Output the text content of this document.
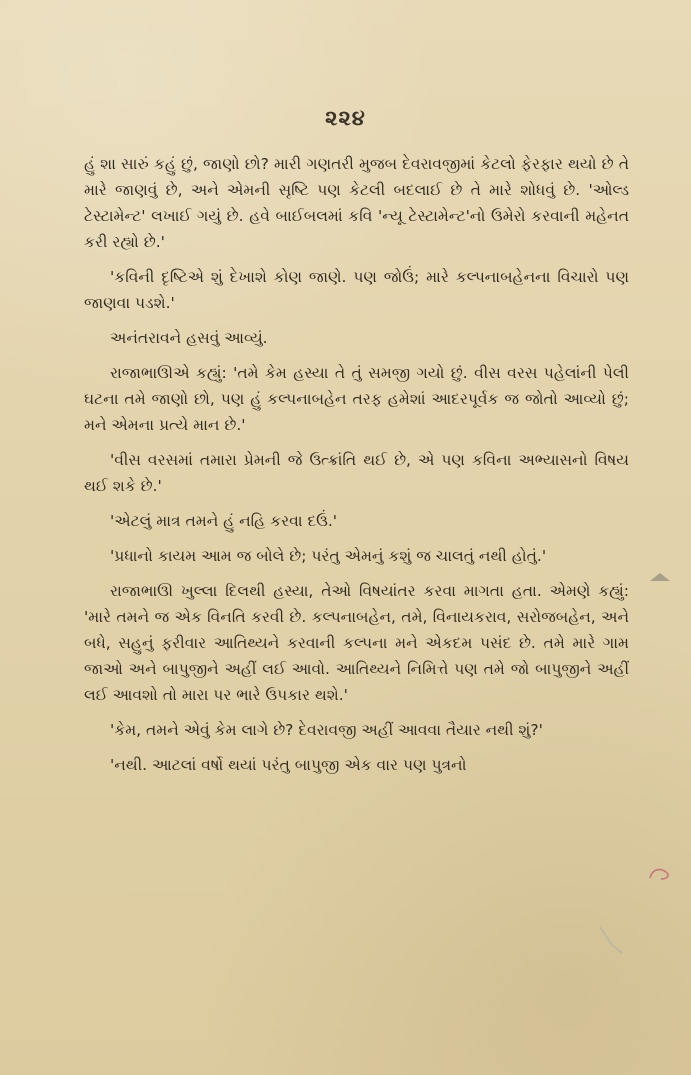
૨૨૪

હું શા સારું કહું છું, જાણો છો? મારી ગણતરી મુજબ દેવરાવજીમાં કેટલો ફેરફાર થયો છે તે મારે જાણવું છે, અને એમની સૃષ્ટિ પણ કેટલી બદલાઈ છે તે મારે શોધવું છે. 'ઓલ્ડ ટેસ્ટામેન્ટ' લખાઈ ગયું છે. હવે બાઈબલમાં કવિ 'ન્યૂ ટેસ્ટામેન્ટ'નો ઉમેરો કરવાની મહેનત કરી રહ્યો છે.'

'કવિની દૃષ્ટિએ શું દેખાશે કોણ જાણે. પણ જોઉં; મારે કલ્પનાબહેનના વિચારો પણ જાણવા પડશે.'

અનંતરાવને હસવું આવ્યું.

રાજાભાઊએ કહ્યું: 'તમે કેમ હસ્યા તે તું સમજી ગયો છું. વીસ વરસ પહેલાંની પેલી ઘટના તમે જાણો છો, પણ હું કલ્પનાબહેન તરફ હમેશાં આદરપૂર્વક જ જોતો આવ્યો છું; મને એમના પ્રત્યે માન છે.'

'વીસ વરસમાં તમારા પ્રેમની જે ઉત્ક્રાંતિ થઈ છે, એ પણ કવિના અભ્યાસનો વિષય થઈ શકે છે.'

'એટલું માત્ર તમને હું નહિ કરવા દઉં.'

'પ્રધાનો કાયમ આમ જ બોલે છે; પરંતુ એમનું કશું જ ચાલતું નથી હોતું.'

રાજાભાઊ ખુલ્લા દિલથી હસ્યા, તેઓ વિષયાંતર કરવા માગતા હતા. એમણે કહ્યું: 'મારે તમને જ એક વિનતિ કરવી છે. કલ્પનાબહેન, તમે, વિનાયકરાવ, સરોજબહેન, અને બધે, સહુનું ફરીવાર આતિથ્યને કરવાની કલ્પના મને એકદમ પસંદ છે. તમે મારે ગામ જાઓ અને બાપુજીને અહીં લઈ આવો. આતિથ્યને નિમિત્તે પણ તમે જો બાપુજીને અહીં લઈ આવશો તો મારા પર ભારે ઉપકાર થશે.'

'કેમ, તમને એવું કેમ લાગે છે? દેવરાવજી અહીં આવવા તૈયાર નથી શું?'

'નથી. આટલાં વર્ષો થયાં પરંતુ બાપુજી એક વાર પણ પુત્રનો
